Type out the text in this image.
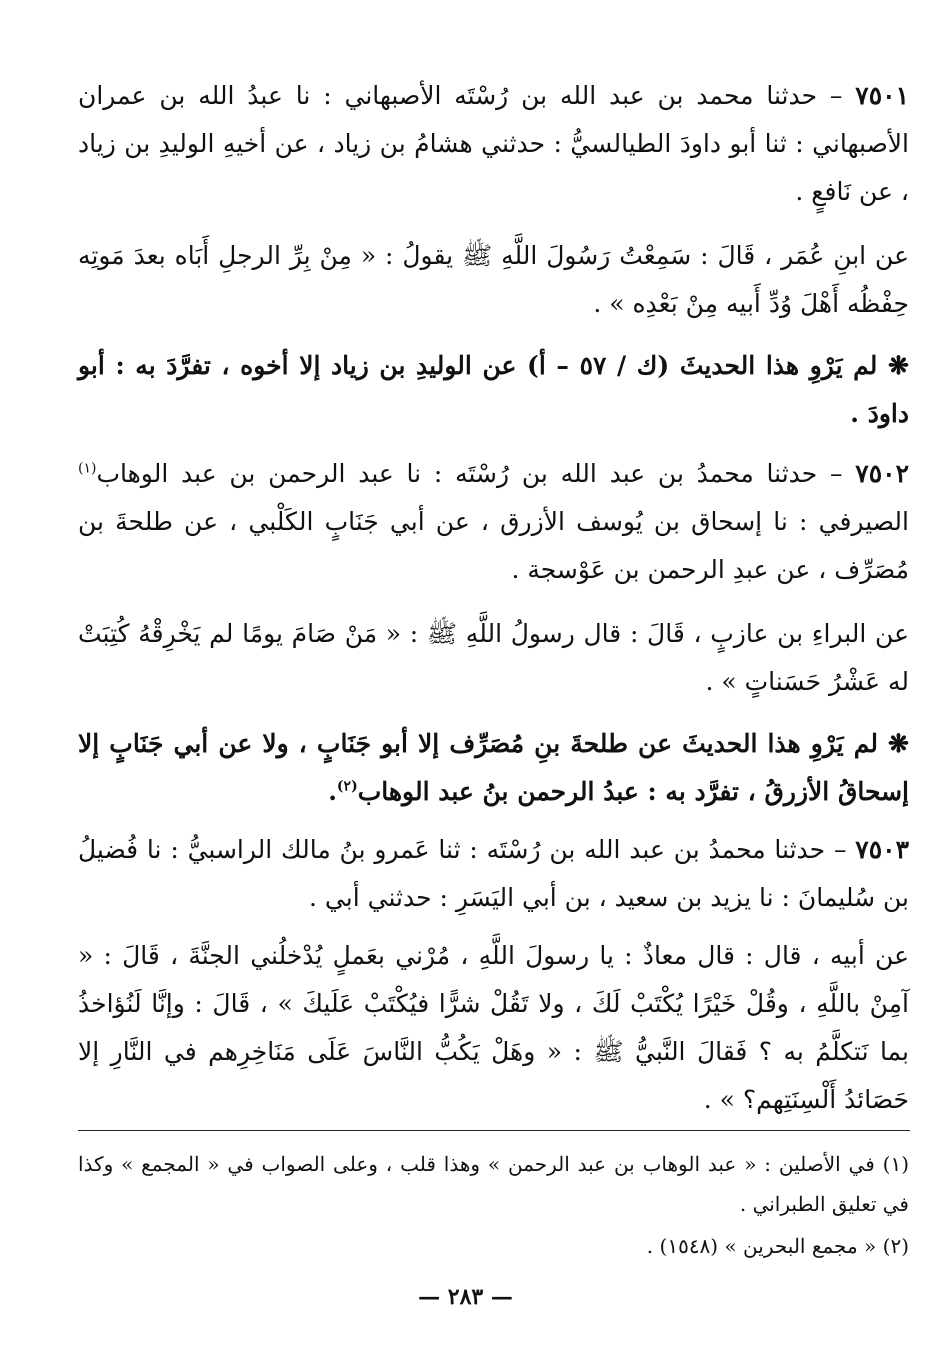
٧٥٠١ – حدثنا محمد بن عبد الله بن رُسْتَه الأصبهاني : نا عبدُ الله بن عمران الأصبهاني : ثنا أبو داودَ الطيالسيُّ : حدثني هشامُ بن زياد ، عن أخيهِ الوليدِ بن زياد ، عن نَافعٍ .
عن ابنِ عُمَر ، قَالَ : سَمِعْتُ رَسُولَ اللَّهِ ﷺ يقولُ : « مِنْ بِرِّ الرجلِ أَبَاه بعدَ مَوتِه حِفْظُه أَهْلَ وُدِّ أَبيه مِنْ بَعْدِه » .
❋ لم يَرْوِ هذا الحديثَ (ك / ٥٧ – أ) عن الوليدِ بن زياد إلا أخوه ، تفرَّدَ به : أبو داودَ .
٧٥٠٢ – حدثنا محمدُ بن عبد الله بن رُسْتَه : نا عبد الرحمن بن عبد الوهاب$^{(١)}$ الصيرفي : نا إسحاق بن يُوسف الأزرق ، عن أبي جَنَابٍ الكَلْبي ، عن طلحةَ بن مُصَرِّف ، عن عبدِ الرحمن بن عَوْسجة .
عن البراءِ بن عازبٍ ، قَالَ : قال رسولُ اللَّهِ ﷺ : « مَنْ صَامَ يومًا لم يَخْرِقْهُ كُتِبَتْ له عَشْرُ حَسَناتٍ » .
❋ لم يَرْوِ هذا الحديثَ عن طلحةَ بنِ مُصَرِّف إلا أبو جَنَابٍ ، ولا عن أبي جَنَابٍ إلا إسحاقُ الأزرقُ ، تفرَّد به : عبدُ الرحمن بنُ عبد الوهاب$^{(٢)}$.
٧٥٠٣ – حدثنا محمدُ بن عبد الله بن رُسْتَه : ثنا عَمرو بنُ مالك الراسبيُّ : نا فُضيلُ بن سُليمانَ : نا يزيد بن سعيد ، بن أبي اليَسَرِ : حدثني أبي .
عن أبيه ، قال : قال معاذٌ : يا رسولَ اللَّهِ ، مُرْني بعَملٍ يُدْخلُني الجنَّةَ ، قَالَ : « آمِنْ باللَّهِ ، وقُلْ خَيْرًا يُكْتَبْ لَكَ ، ولا تَقُلْ شرًّا فيُكْتَبْ عَلَيكَ » ، قَالَ : وإنَّا لَنُؤاخذُ بما نَتكلَّمُ به ؟ فَقالَ النَّبيُّ ﷺ : « وهَلْ يَكُبُّ النَّاسَ عَلَى مَنَاخِرِهم في النَّارِ إلا حَصَائدُ أَلْسِنَتِهم؟ » .
(١) في الأصلين : « عبد الوهاب بن عبد الرحمن » وهذا قلب ، وعلى الصواب في « المجمع » وكذا في تعليق الطبراني .
(٢) « مجمع البحرين » (١٥٤٨) .
— ٢٨٣ —
